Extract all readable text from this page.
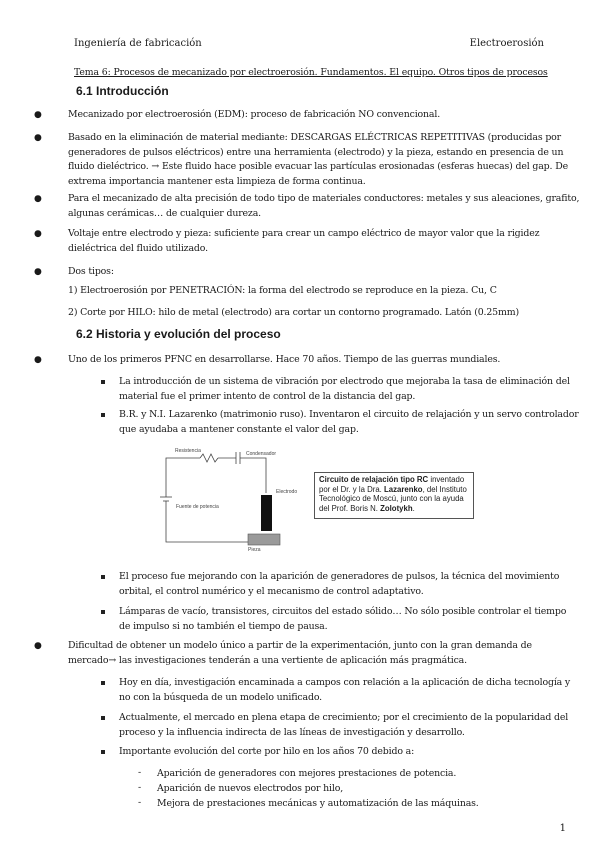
Ingeniería de fabricación	Electroerosión
Tema 6: Procesos de mecanizado por electroerosión. Fundamentos. El equipo. Otros tipos de procesos
6.1 Introducción
●	Mecanizado por electroerosión (EDM): proceso de fabricación NO convencional.
●	Basado en la eliminación de material mediante: DESCARGAS ELÉCTRICAS REPETITIVAS (producidas por generadores de pulsos eléctricos) entre una herramienta (electrodo) y la pieza, estando en presencia de un fluido dieléctrico. → Este fluido hace posible evacuar las partículas erosionadas (esferas huecas) del gap. De extrema importancia mantener esta limpieza de forma continua.
●	Para el mecanizado de alta precisión de todo tipo de materiales conductores: metales y sus aleaciones, grafito, algunas cerámicas… de cualquier dureza.
●	Voltaje entre electrodo y pieza: suficiente para crear un campo eléctrico de mayor valor que la rigidez dieléctrica del fluido utilizado.
●	Dos tipos:
1) Electroerosión por PENETRACIÓN: la forma del electrodo se reproduce en la pieza. Cu, C
2) Corte por HILO: hilo de metal (electrodo) ara cortar un contorno programado. Latón (0.25mm)
6.2 Historia y evolución del proceso
●	Uno de los primeros PFNC en desarrollarse. Hace 70 años. Tiempo de las guerras mundiales.
La introducción de un sistema de vibración por electrodo que mejoraba la tasa de eliminación del material fue el primer intento de control de la distancia del gap.
B.R. y N.I. Lazarenko (matrimonio ruso). Inventaron el circuito de relajación y un servo controlador que ayudaba a mantener constante el valor del gap.
Resistencia	Condensador
Electrodo
Fuente de potencia
Pieza
Circuito de relajación tipo RC inventado por el Dr. y la Dra. Lazarenko, del Instituto Tecnológico de Moscú, junto con la ayuda del Prof. Boris N. Zolotykh.
El proceso fue mejorando con la aparición de generadores de pulsos, la técnica del movimiento orbital, el control numérico y el mecanismo de control adaptativo.
Lámparas de vacío, transistores, circuitos del estado sólido… No sólo posible controlar el tiempo de impulso si no también el tiempo de pausa.
●	Dificultad de obtener un modelo único a partir de la experimentación, junto con la gran demanda de mercado→ las investigaciones tenderán a una vertiente de aplicación más pragmática.
Hoy en día, investigación encaminada a campos con relación a la aplicación de dicha tecnología y no con la búsqueda de un modelo unificado.
Actualmente, el mercado en plena etapa de crecimiento; por el crecimiento de la popularidad del proceso y la influencia indirecta de las líneas de investigación y desarrollo.
Importante evolución del corte por hilo en los años 70 debido a:
- Aparición de generadores con mejores prestaciones de potencia.
- Aparición de nuevos electrodos por hilo,
- Mejora de prestaciones mecánicas y automatización de las máquinas.
1
